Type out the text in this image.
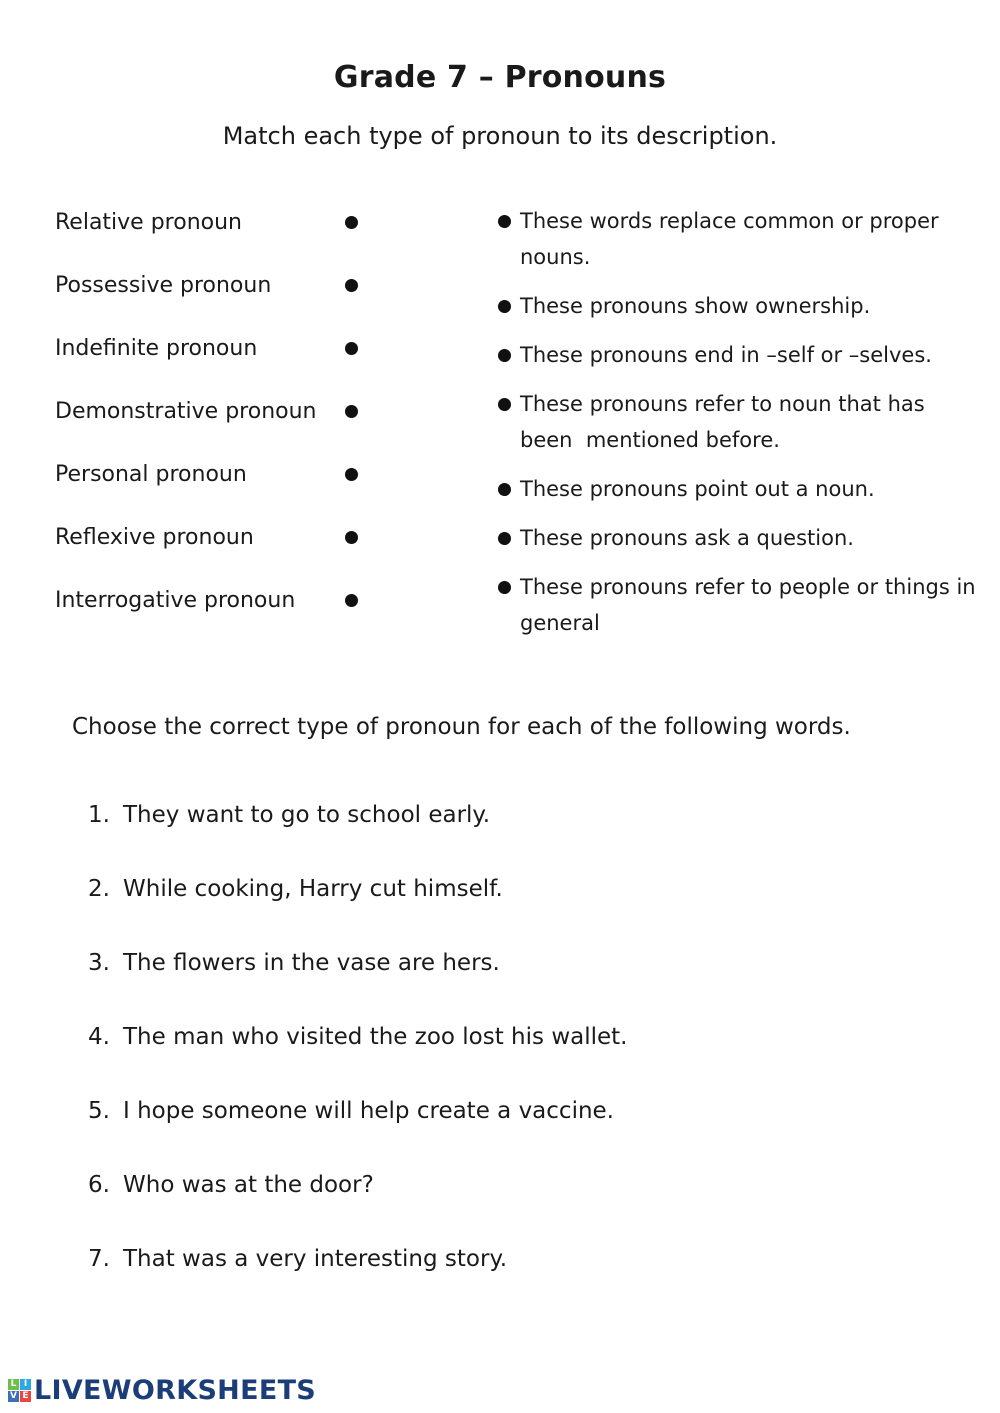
Grade 7 – Pronouns
Match each type of pronoun to its description.
Relative pronoun
Possessive pronoun
Indefinite pronoun
Demonstrative pronoun
Personal pronoun
Reflexive pronoun
Interrogative pronoun
These words replace common or proper nouns.
These pronouns show ownership.
These pronouns end in –self or –selves.
These pronouns refer to noun that has been  mentioned before.
These pronouns point out a noun.
These pronouns ask a question.
These pronouns refer to people or things in  general
Choose the correct type of pronoun for each of the following words.
1. They want to go to school early.
2. While cooking, Harry cut himself.
3. The flowers in the vase are hers.
4. The man who visited the zoo lost his wallet.
5. I hope someone will help create a vaccine.
6. Who was at the door?
7. That was a very interesting story.
L I
V E LIVEWORKSHEETS
